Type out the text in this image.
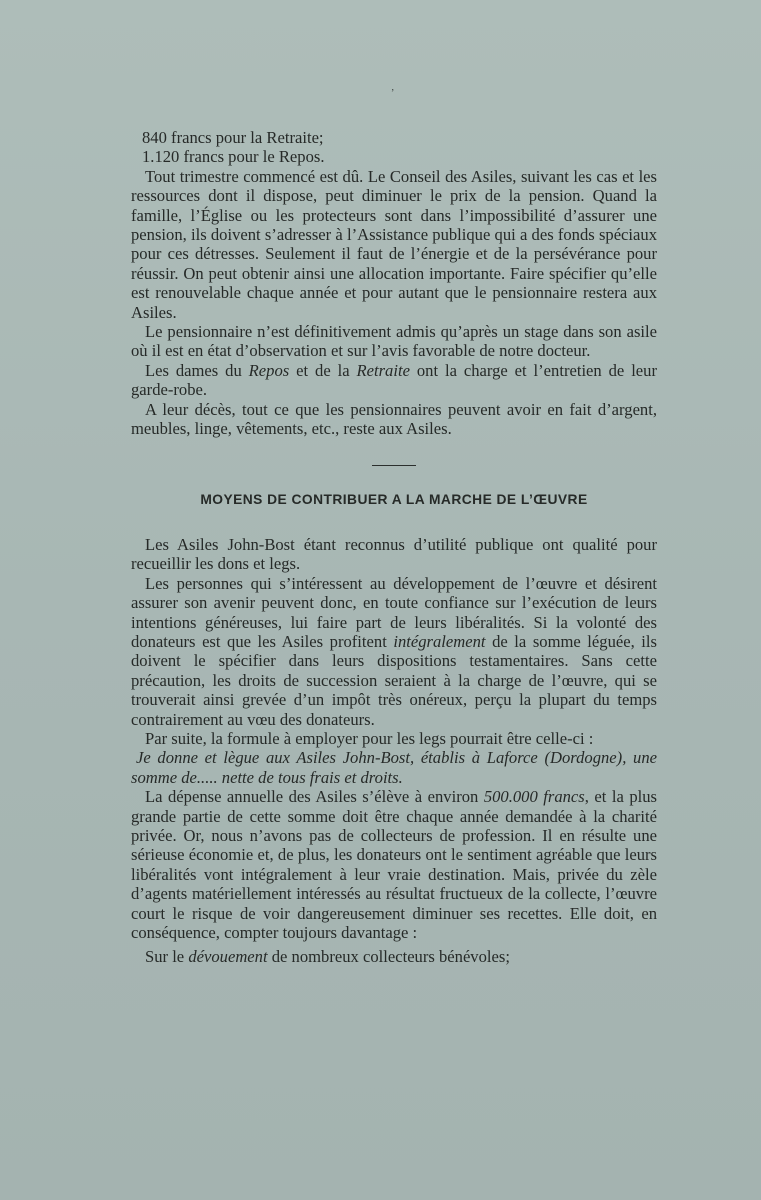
’

840 francs pour la Retraite;

1.120 francs pour le Repos.

Tout trimestre commencé est dû. Le Conseil des Asiles, suivant les cas et les ressources dont il dispose, peut diminuer le prix de la pension. Quand la famille, l’Église ou les protecteurs sont dans l’impossibilité d’assurer une pension, ils doivent s’adresser à l’Assistance publique qui a des fonds spéciaux pour ces détresses. Seulement il faut de l’énergie et de la persévérance pour réussir. On peut obtenir ainsi une allocation importante. Faire spécifier qu’elle est renouvelable chaque année et pour autant que le pensionnaire restera aux Asiles.

Le pensionnaire n’est définitivement admis qu’après un stage dans son asile où il est en état d’observation et sur l’avis favorable de notre docteur.

Les dames du Repos et de la Retraite ont la charge et l’entretien de leur garde-robe.

A leur décès, tout ce que les pensionnaires peuvent avoir en fait d’argent, meubles, linge, vêtements, etc., reste aux Asiles.

MOYENS DE CONTRIBUER A LA MARCHE DE L’ŒUVRE

Les Asiles John-Bost étant reconnus d’utilité publique ont qualité pour recueillir les dons et legs.

Les personnes qui s’intéressent au développement de l’œuvre et désirent assurer son avenir peuvent donc, en toute confiance sur l’exécution de leurs intentions généreuses, lui faire part de leurs libéralités. Si la volonté des donateurs est que les Asiles profitent intégralement de la somme léguée, ils doivent le spécifier dans leurs dispositions testamentaires. Sans cette précaution, les droits de succession seraient à la charge de l’œuvre, qui se trouverait ainsi grevée d’un impôt très onéreux, perçu la plupart du temps contrairement au vœu des donateurs.

Par suite, la formule à employer pour les legs pourrait être celle-ci :

Je donne et lègue aux Asiles John-Bost, établis à Laforce (Dordogne), une somme de..... nette de tous frais et droits.

La dépense annuelle des Asiles s’élève à environ 500.000 francs, et la plus grande partie de cette somme doit être chaque année demandée à la charité privée. Or, nous n’avons pas de collecteurs de profession. Il en résulte une sérieuse économie et, de plus, les donateurs ont le sentiment agréable que leurs libéralités vont intégralement à leur vraie destination. Mais, privée du zèle d’agents matériellement intéressés au résultat fructueux de la collecte, l’œuvre court le risque de voir dangereusement diminuer ses recettes. Elle doit, en conséquence, compter toujours davantage :

Sur le dévouement de nombreux collecteurs bénévoles;
